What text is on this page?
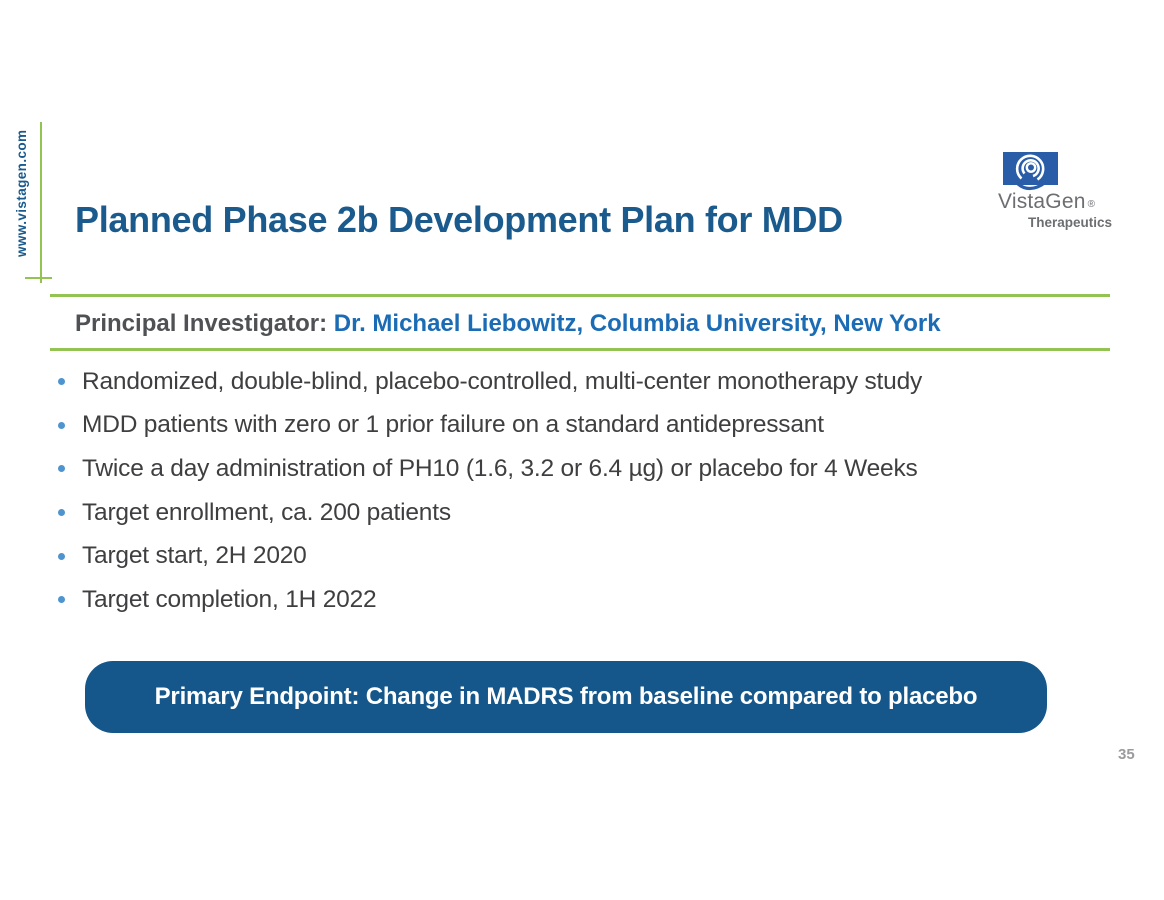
www.vistagen.com Planned Phase 2b Development Plan for MDD	VistaGen ®
Therapeutics

Principal Investigator: Dr. Michael Liebowitz, Columbia University, New York

Randomized, double-blind, placebo-controlled, multi-center monotherapy study
MDD patients with zero or 1 prior failure on a standard antidepressant
Twice a day administration of PH10 (1.6, 3.2 or 6.4 µg) or placebo for 4 Weeks
Target enrollment, ca. 200 patients
Target start, 2H 2020
Target completion, 1H 2022
Primary Endpoint: Change in MADRS from baseline compared to placebo
35
